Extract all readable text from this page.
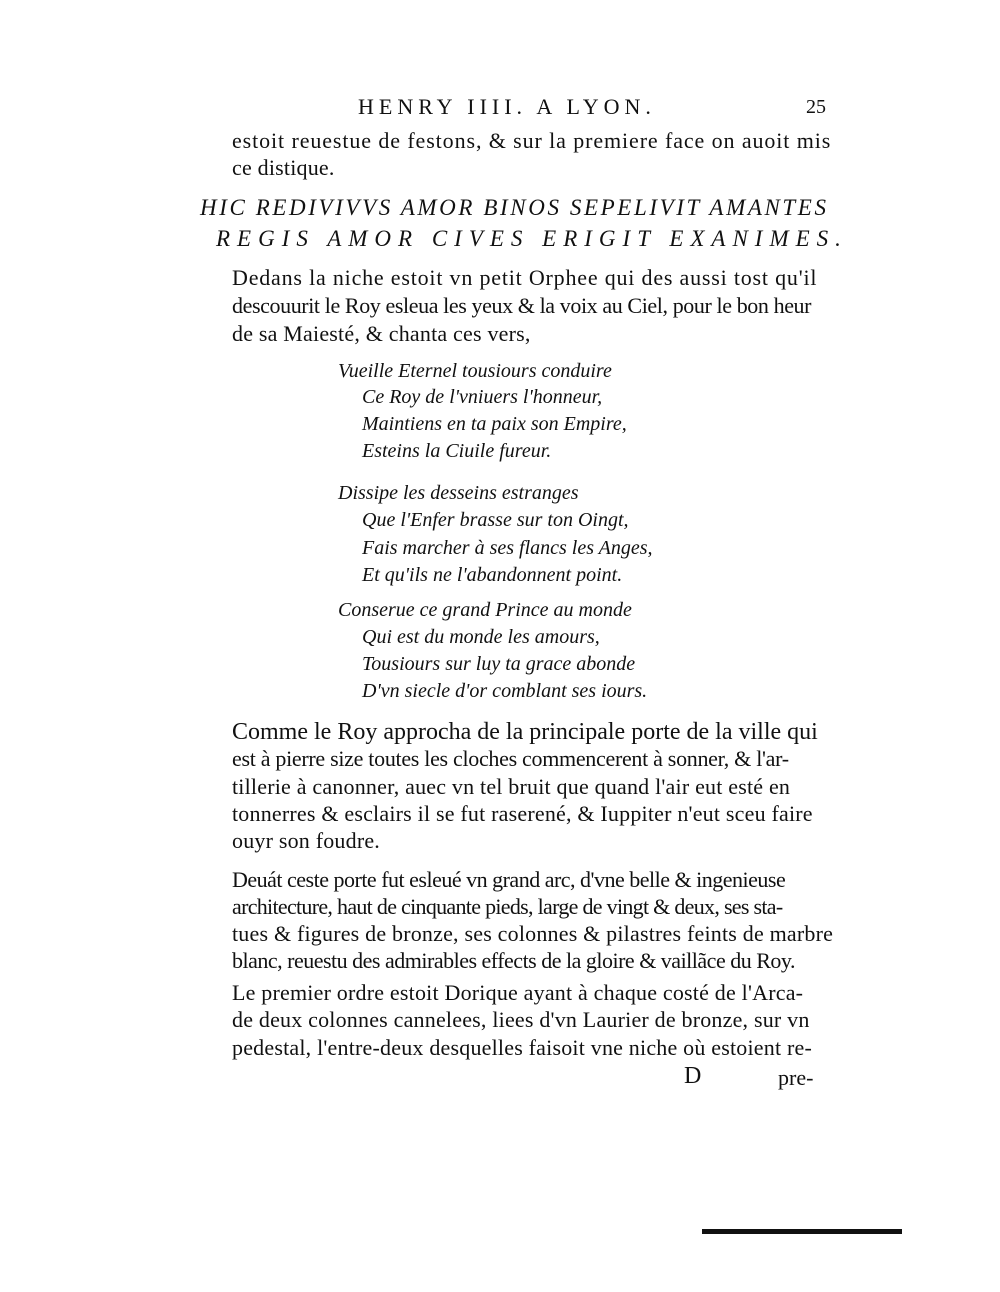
HENRY IIII. A LYON.	25
estoit reuestue de festons, & sur la premiere face on auoit mis
ce distique.
HIC REDIVIVVS AMOR BINOS SEPELIVIT AMANTES
REGIS AMOR CIVES ERIGIT EXANIMES.
Dedans la niche estoit vn petit Orphee qui des aussi tost qu'il
descouurit le Roy esleua les yeux & la voix au Ciel, pour le bon heur
de sa Maiesté, & chanta ces vers,
Vueille Eternel tousiours conduire
Ce Roy de l'vniuers l'honneur,
Maintiens en ta paix son Empire,
Esteins la Ciuile fureur.
Dissipe les desseins estranges
Que l'Enfer brasse sur ton Oingt,
Fais marcher à ses flancs les Anges,
Et qu'ils ne l'abandonnent point.
Conserue ce grand Prince au monde
Qui est du monde les amours,
Tousiours sur luy ta grace abonde
D'vn siecle d'or comblant ses iours.
Comme le Roy approcha de la principale porte de la ville qui
est à pierre size toutes les cloches commencerent à sonner, & l'ar-
tillerie à canonner, auec vn tel bruit que quand l'air eut esté en
tonnerres & esclairs il se fut raserené, & Iuppiter n'eut sceu faire
ouyr son foudre.
Deuát ceste porte fut esleué vn grand arc, d'vne belle & ingenieuse
architecture, haut de cinquante pieds, large de vingt & deux, ses sta-
tues & figures de bronze, ses colonnes & pilastres feints de marbre
blanc, reuestu des admirables effects de la gloire & vaillãce du Roy.
Le premier ordre estoit Dorique ayant à chaque costé de l'Arca-
de deux colonnes cannelees, liees d'vn Laurier de bronze, sur vn
pedestal, l'entre-deux desquelles faisoit vne niche où estoient re-
D	pre-
